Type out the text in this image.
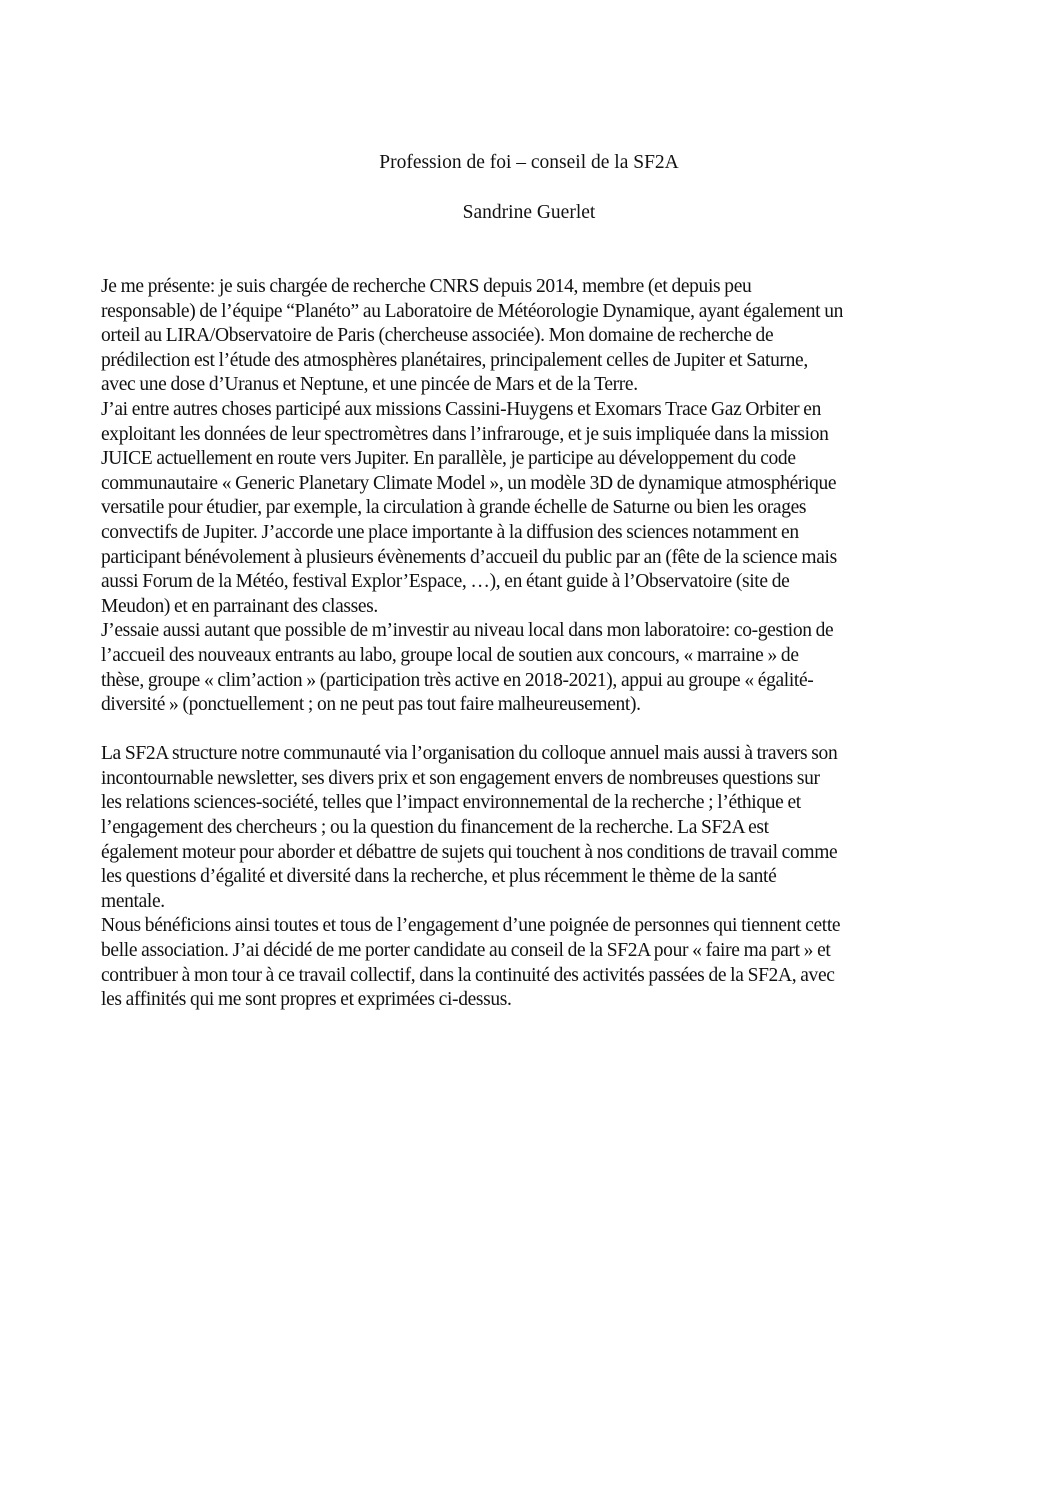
Profession de foi – conseil de la SF2A
Sandrine Guerlet
Je me présente: je suis chargée de recherche CNRS depuis 2014, membre (et depuis peu
responsable) de l’équipe “Planéto” au Laboratoire de Météorologie Dynamique, ayant également un
orteil au LIRA/Observatoire de Paris (chercheuse associée). Mon domaine de recherche de
prédilection est l’étude des atmosphères planétaires, principalement celles de Jupiter et Saturne,
avec une dose d’Uranus et Neptune, et une pincée de Mars et de la Terre.
J’ai entre autres choses participé aux missions Cassini-Huygens et Exomars Trace Gaz Orbiter en
exploitant les données de leur spectromètres dans l’infrarouge, et je suis impliquée dans la mission
JUICE actuellement en route vers Jupiter. En parallèle, je participe au développement du code
communautaire « Generic Planetary Climate Model », un modèle 3D de dynamique atmosphérique
versatile pour étudier, par exemple, la circulation à grande échelle de Saturne ou bien les orages
convectifs de Jupiter. J’accorde une place importante à la diffusion des sciences notamment en
participant bénévolement à plusieurs évènements d’accueil du public par an (fête de la science mais
aussi Forum de la Météo, festival Explor’Espace, …), en étant guide à l’Observatoire (site de
Meudon) et en parrainant des classes.
J’essaie aussi autant que possible de m’investir au niveau local dans mon laboratoire: co-gestion de
l’accueil des nouveaux entrants au labo, groupe local de soutien aux concours, « marraine » de
thèse, groupe « clim’action » (participation très active en 2018-2021), appui au groupe « égalité-
diversité » (ponctuellement ; on ne peut pas tout faire malheureusement).
La SF2A structure notre communauté via l’organisation du colloque annuel mais aussi à travers son
incontournable newsletter, ses divers prix et son engagement envers de nombreuses questions sur
les relations sciences-société, telles que l’impact environnemental de la recherche ; l’éthique et
l’engagement des chercheurs ; ou la question du financement de la recherche. La SF2A est
également moteur pour aborder et débattre de sujets qui touchent à nos conditions de travail comme
les questions d’égalité et diversité dans la recherche, et plus récemment le thème de la santé
mentale.
Nous bénéficions ainsi toutes et tous de l’engagement d’une poignée de personnes qui tiennent cette
belle association. J’ai décidé de me porter candidate au conseil de la SF2A pour « faire ma part » et
contribuer à mon tour à ce travail collectif, dans la continuité des activités passées de la SF2A, avec
les affinités qui me sont propres et exprimées ci-dessus.
